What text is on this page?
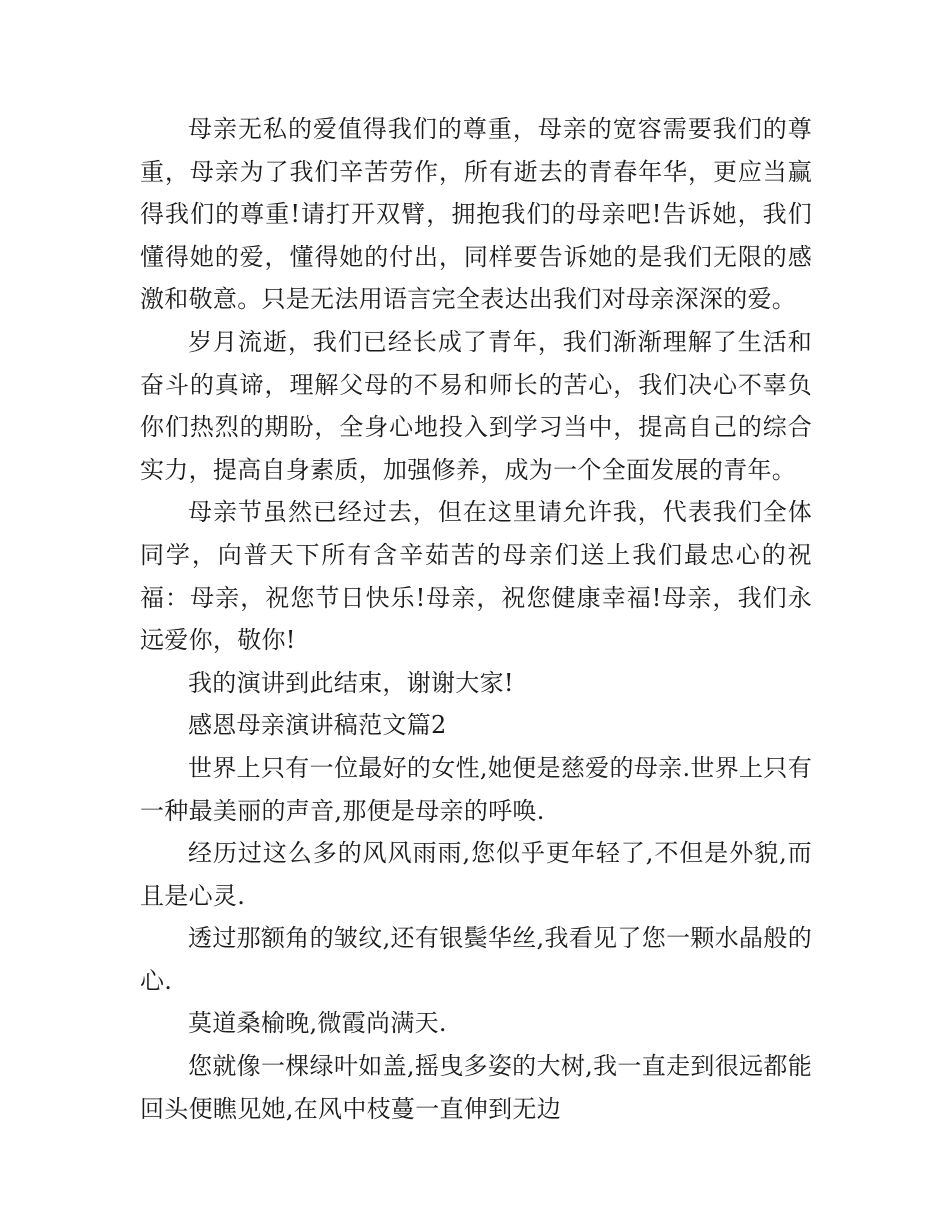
母亲无私的爱值得我们的尊重，母亲的宽容需要我们的尊重，母亲为了我们辛苦劳作，所有逝去的青春年华，更应当赢得我们的尊重!请打开双臂，拥抱我们的母亲吧!告诉她，我们懂得她的爱，懂得她的付出，同样要告诉她的是我们无限的感激和敬意。只是无法用语言完全表达出我们对母亲深深的爱。

岁月流逝，我们已经长成了青年，我们渐渐理解了生活和奋斗的真谛，理解父母的不易和师长的苦心，我们决心不辜负你们热烈的期盼，全身心地投入到学习当中，提高自己的综合实力，提高自身素质，加强修养，成为一个全面发展的青年。

母亲节虽然已经过去，但在这里请允许我，代表我们全体同学，向普天下所有含辛茹苦的母亲们送上我们最忠心的祝福：母亲，祝您节日快乐!母亲，祝您健康幸福!母亲，我们永远爱你，敬你!

我的演讲到此结束，谢谢大家!

感恩母亲演讲稿范文篇2

世界上只有一位最好的女性,她便是慈爱的母亲.世界上只有一种最美丽的声音,那便是母亲的呼唤.

经历过这么多的风风雨雨,您似乎更年轻了,不但是外貌,而且是心灵.

透过那额角的皱纹,还有银鬓华丝,我看见了您一颗水晶般的心.

莫道桑榆晚,微霞尚满天.

您就像一棵绿叶如盖,摇曳多姿的大树,我一直走到很远都能回头便瞧见她,在风中枝蔓一直伸到无边
